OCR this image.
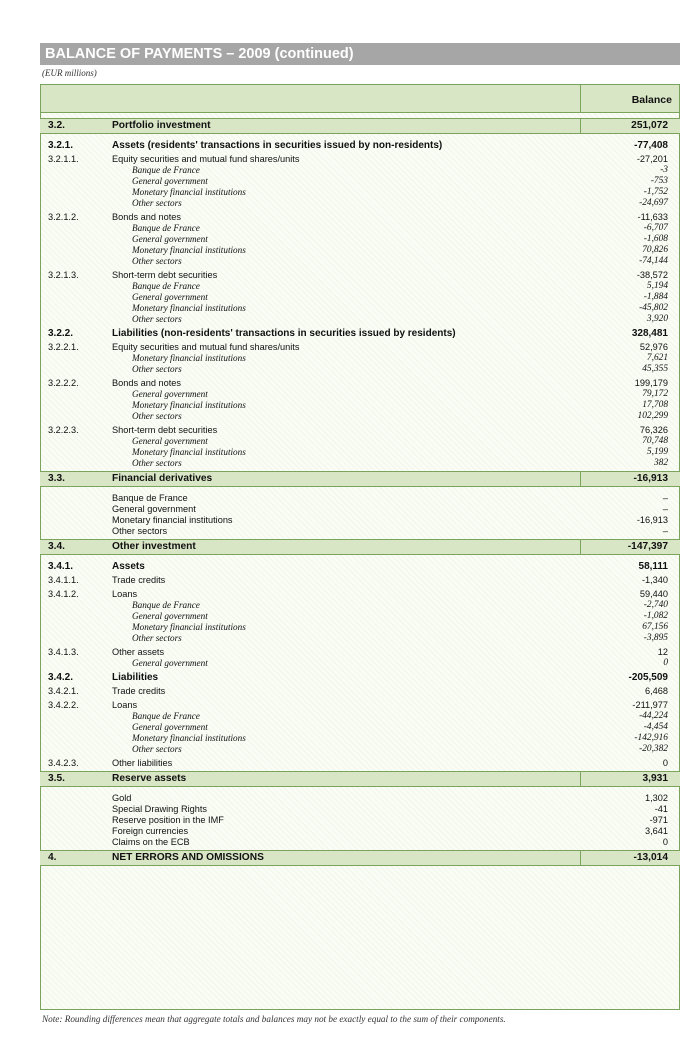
BALANCE OF PAYMENTS – 2009 (continued)
(EUR millions)
Balance
3.2.	Portfolio investment	251,072
3.2.1.	Assets (residents' transactions in securities issued by non-residents)	-77,408
3.2.1.1.	Equity securities and mutual fund shares/units	-27,201
Banque de France	-3
General government	-753
Monetary financial institutions	-1,752
Other sectors	-24,697
3.2.1.2.	Bonds and notes	-11,633
Banque de France	-6,707
General government	-1,608
Monetary financial institutions	70,826
Other sectors	-74,144
3.2.1.3.	Short-term debt securities	-38,572
Banque de France	5,194
General government	-1,884
Monetary financial institutions	-45,802
Other sectors	3,920
3.2.2.	Liabilities (non-residents' transactions in securities issued by residents)	328,481
3.2.2.1.	Equity securities and mutual fund shares/units	52,976
Monetary financial institutions	7,621
Other sectors	45,355
3.2.2.2.	Bonds and notes	199,179
General government	79,172
Monetary financial institutions	17,708
Other sectors	102,299
3.2.2.3.	Short-term debt securities	76,326
General government	70,748
Monetary financial institutions	5,199
Other sectors	382
3.3.	Financial derivatives	-16,913
Banque de France	–
General government	–
Monetary financial institutions	-16,913
Other sectors	–
3.4.	Other investment	-147,397
3.4.1.	Assets	58,111
3.4.1.1.	Trade credits	-1,340
3.4.1.2.	Loans	59,440
Banque de France	-2,740
General government	-1,082
Monetary financial institutions	67,156
Other sectors	-3,895
3.4.1.3.	Other assets	12
General government	0
3.4.2.	Liabilities	-205,509
3.4.2.1.	Trade credits	6,468
3.4.2.2.	Loans	-211,977
Banque de France	-44,224
General government	-4,454
Monetary financial institutions	-142,916
Other sectors	-20,382
3.4.2.3.	Other liabilities	0
3.5.	Reserve assets	3,931
Gold	1,302
Special Drawing Rights	-41
Reserve position in the IMF	-971
Foreign currencies	3,641
Claims on the ECB	0
4.	NET ERRORS AND OMISSIONS	-13,014
Note: Rounding differences mean that aggregate totals and balances may not be exactly equal to the sum of their components.
